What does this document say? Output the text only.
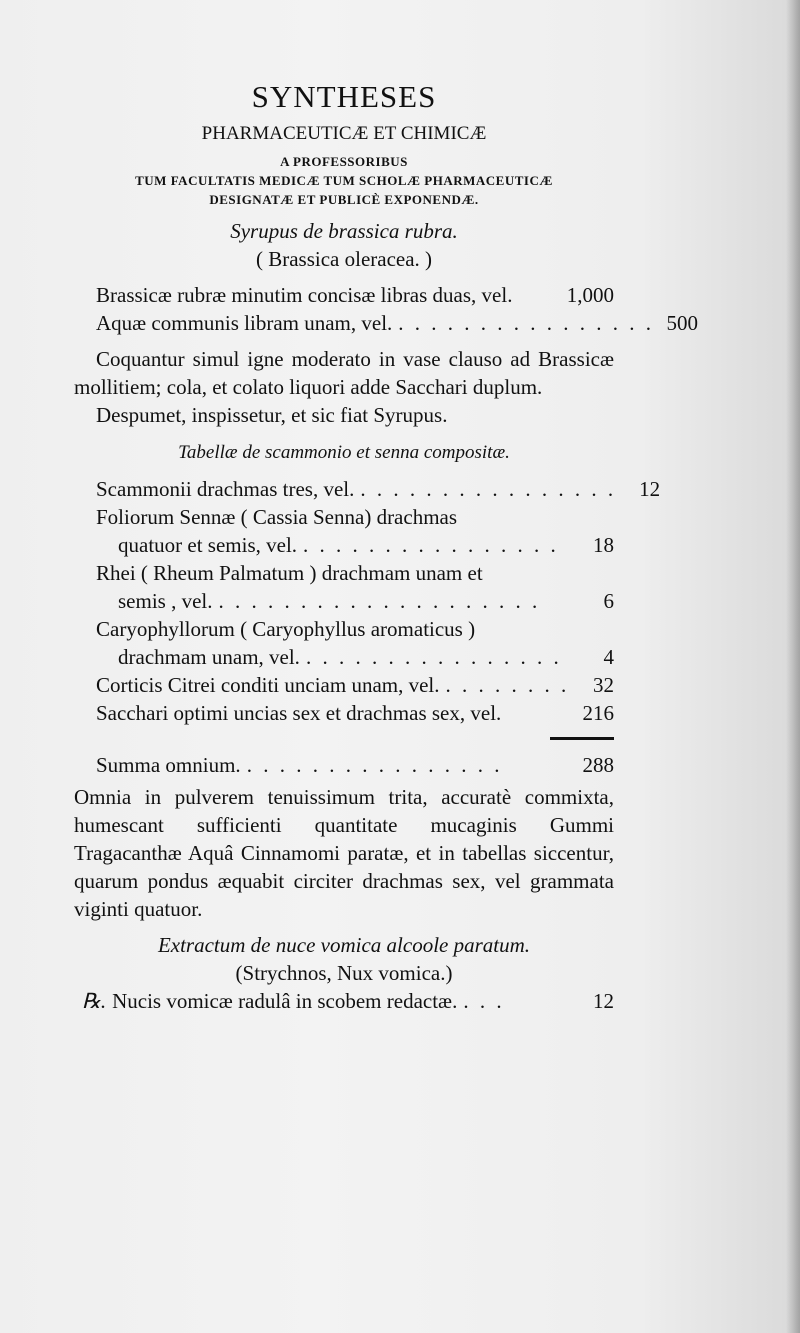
SYNTHESES
PHARMACEUTICÆ ET CHIMICÆ
A PROFESSORIBUS
TUM FACULTATIS MEDICÆ TUM SCHOLÆ PHARMACEUTICÆ
DESIGNATÆ ET PUBLICÈ EXPONENDÆ.
Syrupus de brassica rubra.
( Brassica oleracea. )
Brassicæ rubræ minutim concisæ libras duas, vel.	1,000
Aquæ communis libram unam, vel. . . . . . . . . . . . . . . . . 500
Coquantur simul igne moderato in vase clauso ad Brassicæ mollitiem; cola, et colato liquori adde Sacchari duplum.
Despumet, inspissetur, et sic fiat Syrupus.
Tabellæ de scammonio et senna compositæ.
Scammonii drachmas tres, vel. . . . . . . . . . . . . . . . .	12
Foliorum Sennæ ( Cassia Senna) drachmas
quatuor et semis, vel. . . . . . . . . . . . . . . . .	18
Rhei ( Rheum Palmatum ) drachmam unam et
semis , vel. . . . . . . . . . . . . . . . . . . . .	6
Caryophyllorum ( Caryophyllus aromaticus )
drachmam unam, vel. . . . . . . . . . . . . . . . .	4
Corticis Citrei conditi unciam unam, vel. . . . . . . . .	32
Sacchari optimi uncias sex et drachmas sex, vel.	216
Summa omnium. . . . . . . . . . . . . . . . .	288
Omnia in pulverem tenuissimum trita, accuratè commixta, humescant sufficienti quantitate mucaginis Gummi Tragacanthæ Aquâ Cinnamomi paratæ, et in tabellas siccentur, quarum pondus æquabit circiter drachmas sex, vel grammata viginti quatuor.
Extractum de nuce vomica alcoole paratum.
(Strychnos, Nux vomica.)
℞. Nucis vomicæ radulâ in scobem redactæ. . . .	12
